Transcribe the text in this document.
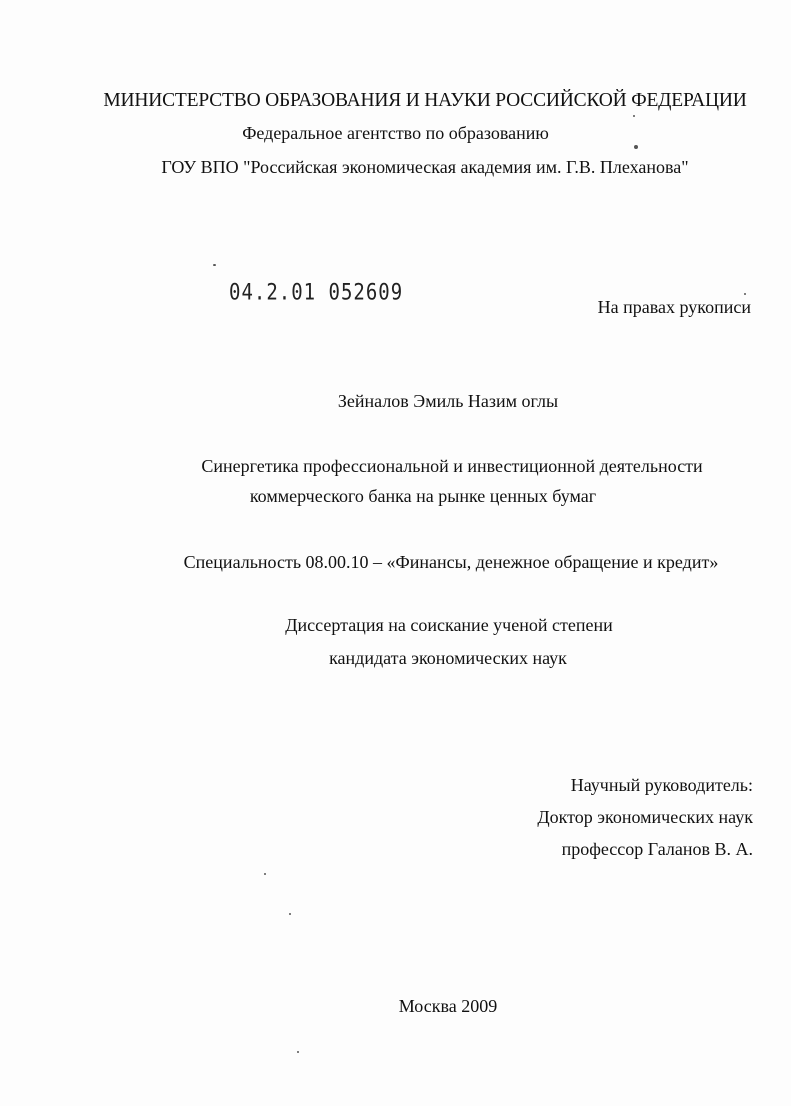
МИНИСТЕРСТВО ОБРАЗОВАНИЯ И НАУКИ РОССИЙСКОЙ ФЕДЕРАЦИИ
Федеральное агентство по образованию
ГОУ ВПО "Российская экономическая академия им. Г.В. Плеханова"
04.2.01 052609
На правах рукописи
Зейналов Эмиль Назим оглы
Синергетика профессиональной и инвестиционной деятельности
коммерческого банка на рынке ценных бумаг
Специальность 08.00.10 – «Финансы, денежное обращение и кредит»
Диссертация на соискание ученой степени
кандидата экономических наук
Научный руководитель:
Доктор экономических наук
профессор Галанов В. А.
Москва 2009
